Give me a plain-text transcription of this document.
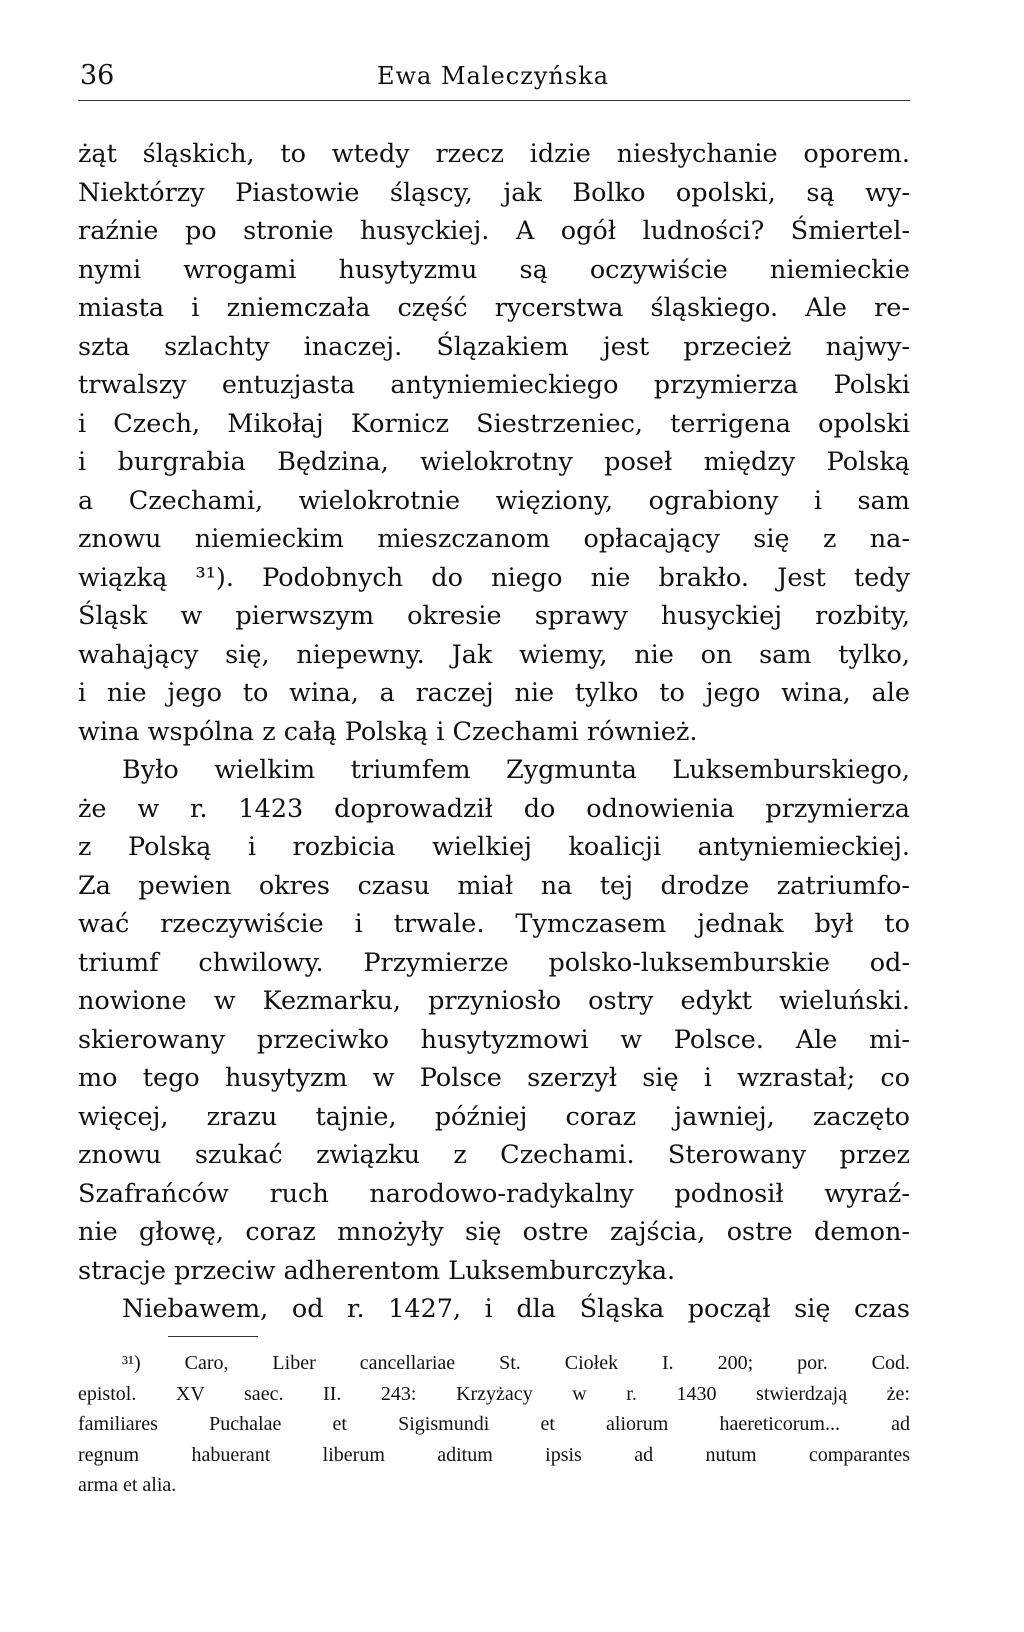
36	Ewa Maleczyńska
żąt śląskich, to wtedy rzecz idzie niesłychanie oporem.
Niektórzy Piastowie śląscy, jak Bolko opolski, są wy-
raźnie po stronie husyckiej. A ogół ludności? Śmiertel-
nymi wrogami husytyzmu są oczywiście niemieckie
miasta i zniemczała część rycerstwa śląskiego. Ale re-
szta szlachty inaczej. Ślązakiem jest przecież najwy-
trwalszy entuzjasta antyniemieckiego przymierza Polski
i Czech, Mikołaj Kornicz Siestrzeniec, terrigena opolski
i burgrabia Będzina, wielokrotny poseł między Polską
a Czechami, wielokrotnie więziony, ograbiony i sam
znowu niemieckim mieszczanom opłacający się z na-
wiązką ³¹). Podobnych do niego nie brakło. Jest tedy
Śląsk w pierwszym okresie sprawy husyckiej rozbity,
wahający się, niepewny. Jak wiemy, nie on sam tylko,
i nie jego to wina, a raczej nie tylko to jego wina, ale
wina wspólna z całą Polską i Czechami również.
Było wielkim triumfem Zygmunta Luksemburskiego,
że w r. 1423 doprowadził do odnowienia przymierza
z Polską i rozbicia wielkiej koalicji antyniemieckiej.
Za pewien okres czasu miał na tej drodze zatriumfo-
wać rzeczywiście i trwale. Tymczasem jednak był to
triumf chwilowy. Przymierze polsko-luksemburskie od-
nowione w Kezmarku, przyniosło ostry edykt wieluński.
skierowany przeciwko husytyzmowi w Polsce. Ale mi-
mo tego husytyzm w Polsce szerzył się i wzrastał; co
więcej, zrazu tajnie, później coraz jawniej, zaczęto
znowu szukać związku z Czechami. Sterowany przez
Szafrańców ruch narodowo-radykalny podnosił wyraź-
nie głowę, coraz mnożyły się ostre zajścia, ostre demon-
stracje przeciw adherentom Luksemburczyka.
Niebawem, od r. 1427, i dla Śląska począł się czas
³¹) Caro, Liber cancellariae St. Ciołek I. 200; por. Cod.
epistol. XV saec. II. 243: Krzyżacy w r. 1430 stwierdzają że:
familiares Puchalae et Sigismundi et aliorum haereticorum... ad
regnum habuerant liberum aditum ipsis ad nutum comparantes
arma et alia.
